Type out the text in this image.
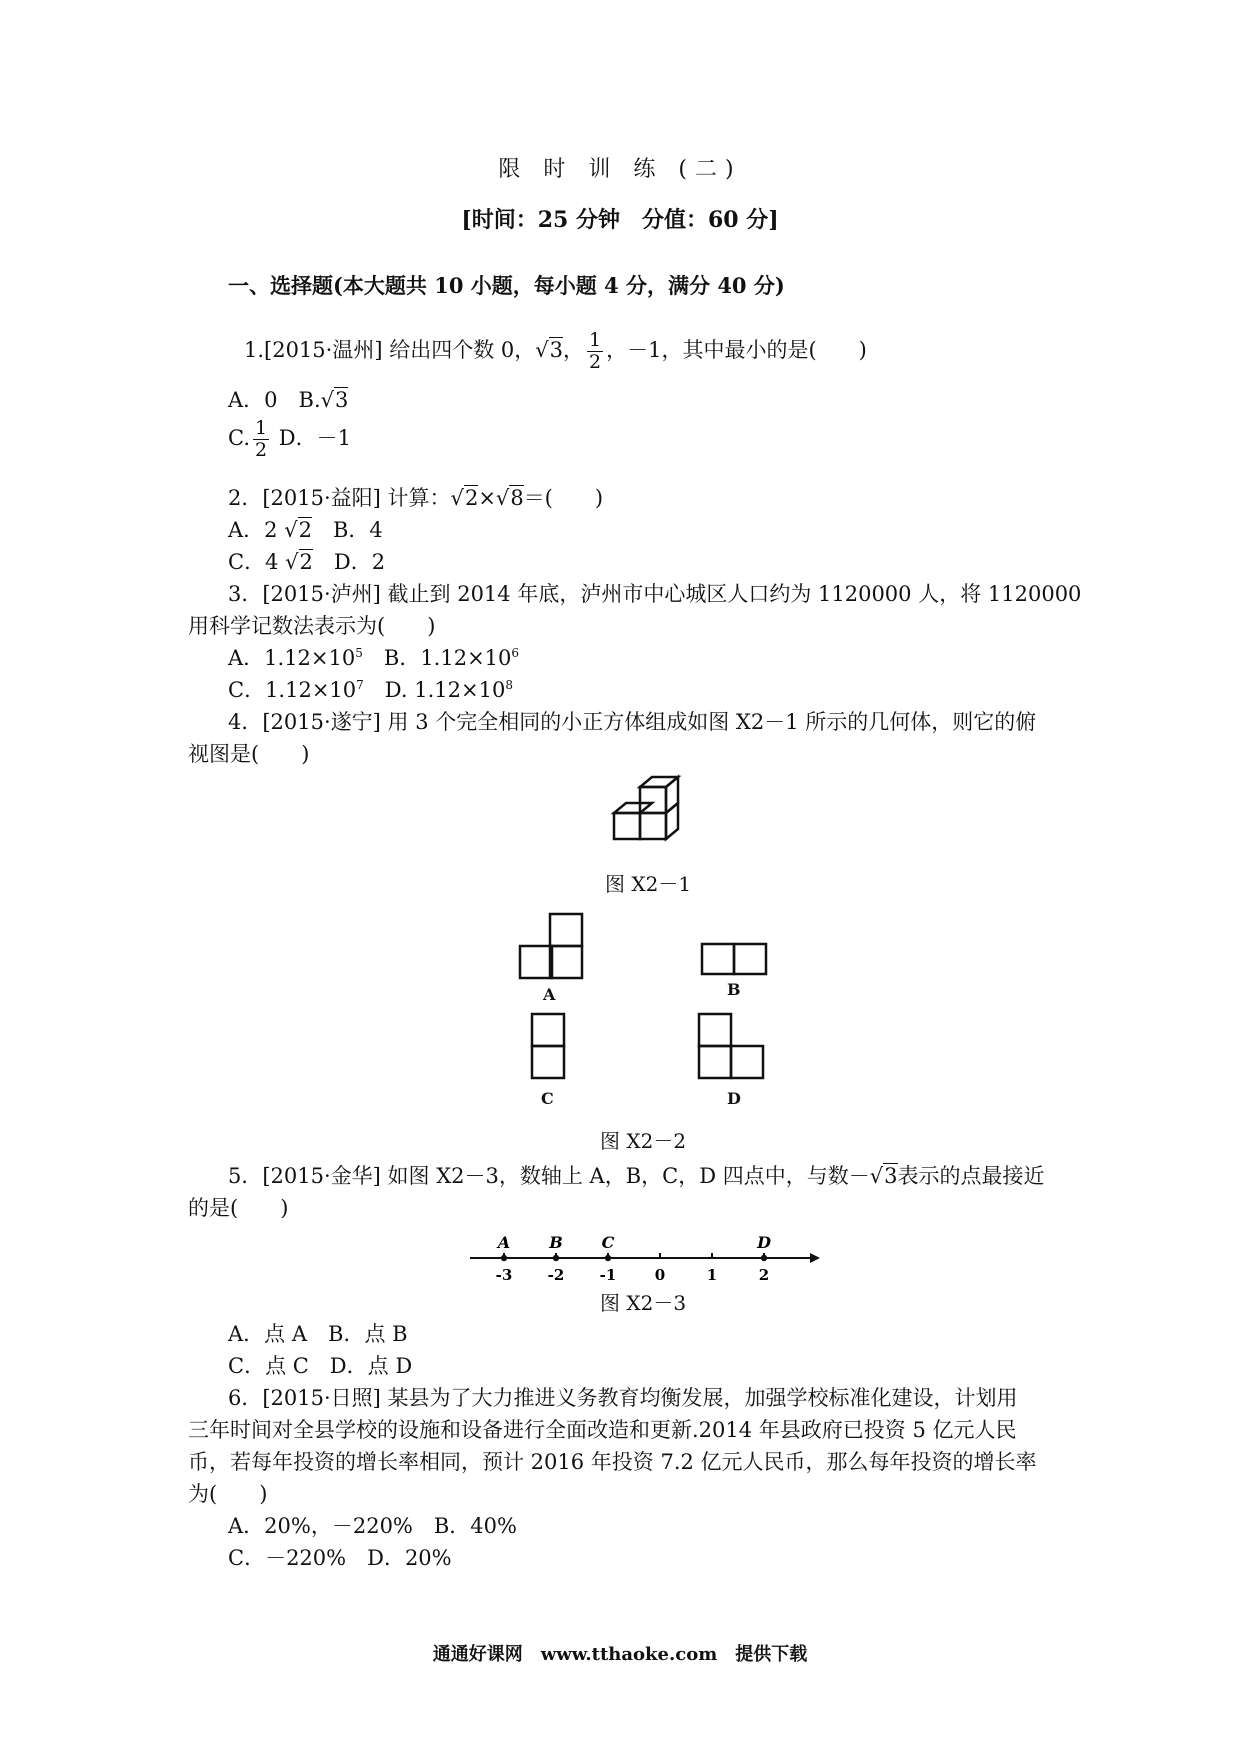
限 时 训 练 (二)
[时间：25 分钟　分值：60 分]
一、选择题(本大题共 10 小题，每小题 4 分，满分 40 分)
1.[2015·温州] 给出四个数 0，√3， $\frac{1}{2}$ ，－1，其中最小的是(　　)
A．0　B.√3
C. $\frac{1}{2}$ D．－1
2．[2015·益阳] 计算：√2×√8＝(　　)
A．2 √2　B．4
C．4 √2　D．2
3．[2015·泸州] 截止到 2014 年底，泸州市中心城区人口约为 1120000 人，将 1120000
用科学记数法表示为(　　)
A．$1.12\times 10^5$　B．$1.12\times 10^6$
C．$1.12\times 10^7$　D. $1.12\times 10^8$
4．[2015·遂宁] 用 3 个完全相同的小正方体组成如图 X2－1 所示的几何体，则它的俯
视图是(　　)
图 X2－1
A	B
C	D
图 X2－2
5．[2015·金华] 如图 X2－3，数轴上 A，B，C，D 四点中，与数－√3表示的点最接近
的是(　　)
-3 -2 -1	0	1	2
A B C	D
图 X2－3
A．点 A　B．点 B
C．点 C　D．点 D
6．[2015·日照] 某县为了大力推进义务教育均衡发展，加强学校标准化建设，计划用
三年时间对全县学校的设施和设备进行全面改造和更新.2014 年县政府已投资 5 亿元人民
币，若每年投资的增长率相同，预计 2016 年投资 7.2 亿元人民币，那么每年投资的增长率
为(　　)
A．20%，－220%　B．40%
C．－220%　D．20%
通通好课网　www.tthaoke.com　提供下载
